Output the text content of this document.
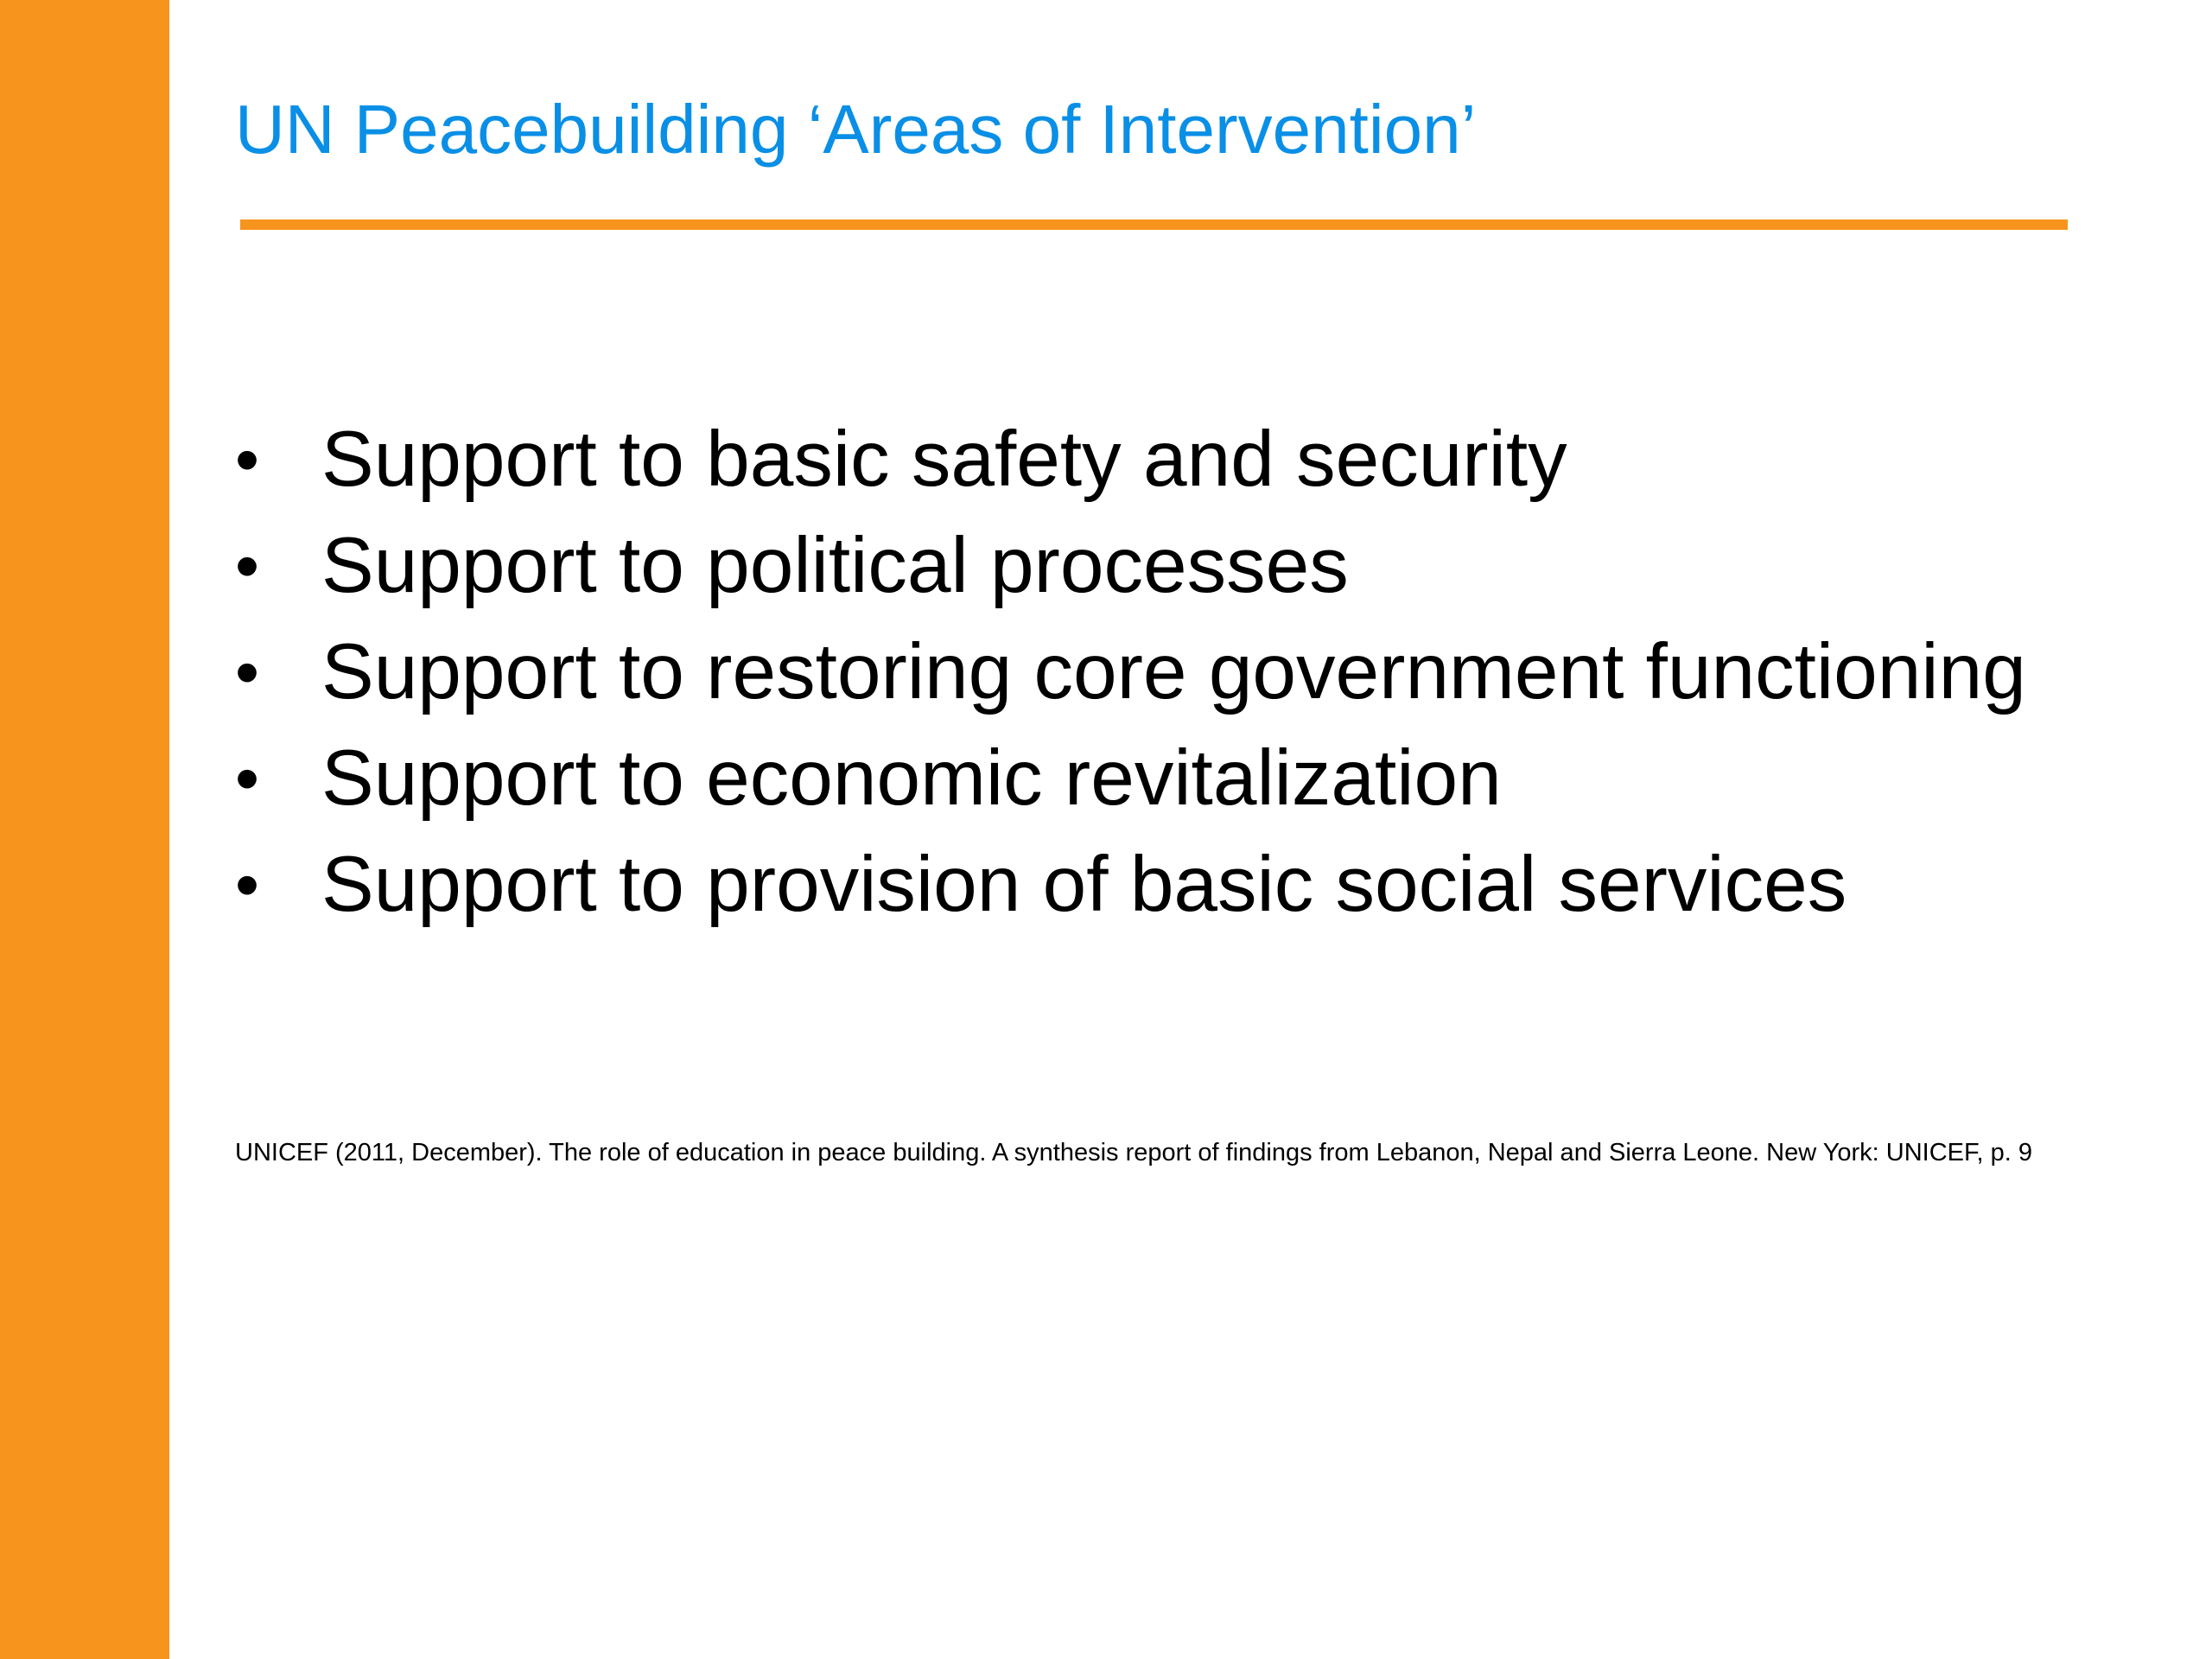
UN Peacebuilding ‘Areas of Intervention’
• Support to basic safety and security
• Support to political processes
• Support to restoring core government functioning
• Support to economic revitalization
• Support to provision of basic social services

UNICEF (2011, December). The role of education in peace building. A synthesis report of findings from Lebanon, Nepal and Sierra Leone. New York: UNICEF, p. 9
